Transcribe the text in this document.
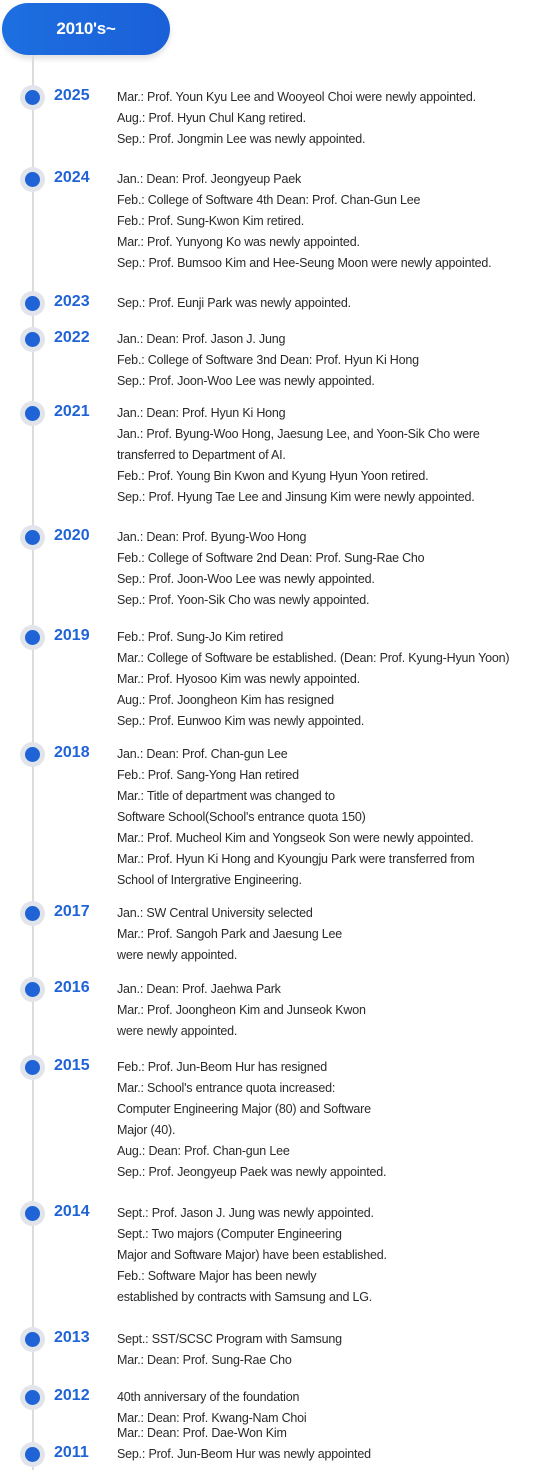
2010's~
2025 Mar.: Prof. Youn Kyu Lee and Wooyeol Choi were newly appointed.
Aug.: Prof. Hyun Chul Kang retired.
Sep.: Prof. Jongmin Lee was newly appointed.
2024 Jan.: Dean: Prof. Jeongyeup Paek
Feb.: College of Software 4th Dean: Prof. Chan-Gun Lee
Feb.: Prof. Sung-Kwon Kim retired.
Mar.: Prof. Yunyong Ko was newly appointed.
Sep.: Prof. Bumsoo Kim and Hee-Seung Moon were newly appointed.
2023 Sep.: Prof. Eunji Park was newly appointed.
2022 Jan.: Dean: Prof. Jason J. Jung
Feb.: College of Software 3nd Dean: Prof. Hyun Ki Hong
Sep.: Prof. Joon-Woo Lee was newly appointed.
2021 Jan.: Dean: Prof. Hyun Ki Hong
Jan.: Prof. Byung-Woo Hong, Jaesung Lee, and Yoon-Sik Cho were
transferred to Department of AI.
Feb.: Prof. Young Bin Kwon and Kyung Hyun Yoon retired.
Sep.: Prof. Hyung Tae Lee and Jinsung Kim were newly appointed.
2020 Jan.: Dean: Prof. Byung-Woo Hong
Feb.: College of Software 2nd Dean: Prof. Sung-Rae Cho
Sep.: Prof. Joon-Woo Lee was newly appointed.
Sep.: Prof. Yoon-Sik Cho was newly appointed.
2019 Feb.: Prof. Sung-Jo Kim retired
Mar.: College of Software be established. (Dean: Prof. Kyung-Hyun Yoon)
Mar.: Prof. Hyosoo Kim was newly appointed.
Aug.: Prof. Joongheon Kim has resigned
Sep.: Prof. Eunwoo Kim was newly appointed.
2018 Jan.: Dean: Prof. Chan-gun Lee
Feb.: Prof. Sang-Yong Han retired
Mar.: Title of department was changed to
Software School(School's entrance quota 150)
Mar.: Prof. Mucheol Kim and Yongseok Son were newly appointed.
Mar.: Prof. Hyun Ki Hong and Kyoungju Park were transferred from
School of Intergrative Engineering.
2017 Jan.: SW Central University selected
Mar.: Prof. Sangoh Park and Jaesung Lee
were newly appointed.
2016 Jan.: Dean: Prof. Jaehwa Park
Mar.: Prof. Joongheon Kim and Junseok Kwon
were newly appointed.
2015 Feb.: Prof. Jun-Beom Hur has resigned
Mar.: School's entrance quota increased:
Computer Engineering Major (80) and Software
Major (40).
Aug.: Dean: Prof. Chan-gun Lee
Sep.: Prof. Jeongyeup Paek was newly appointed.
2014 Sept.: Prof. Jason J. Jung was newly appointed.
Sept.: Two majors (Computer Engineering
Major and Software Major) have been established.
Feb.: Software Major has been newly
established by contracts with Samsung and LG.
2013 Sept.: SST/SCSC Program with Samsung
Mar.: Dean: Prof. Sung-Rae Cho
2012 40th anniversary of the foundation
Mar.: Dean: Prof. Kwang-Nam Choi
2011
Mar.: Dean: Prof. Dae-Won Kim
Sep.: Prof. Jun-Beom Hur was newly appointed
